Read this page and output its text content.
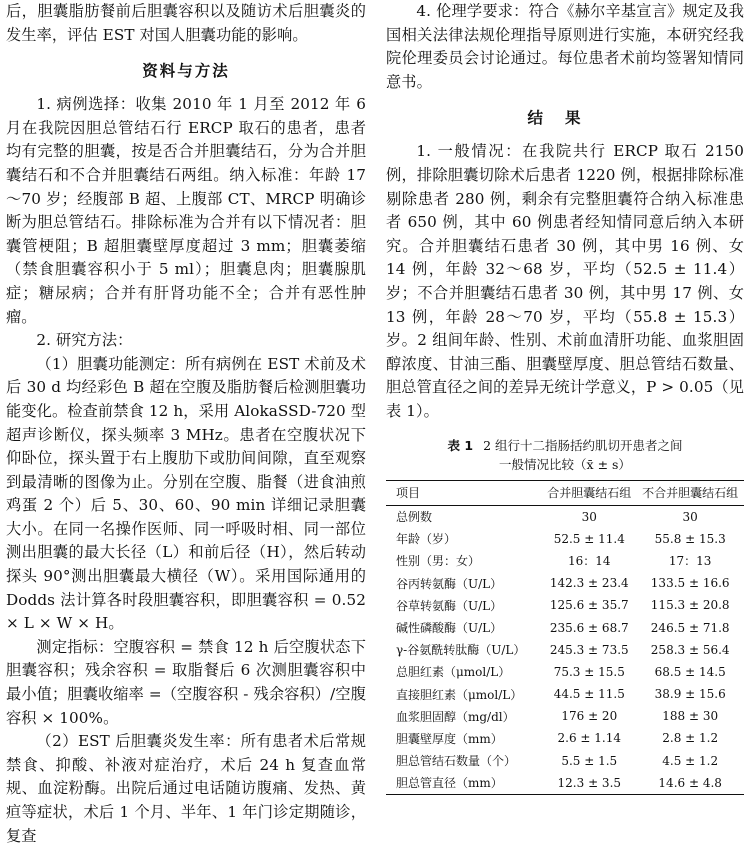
后，胆囊脂肪餐前后胆囊容积以及随访术后胆囊炎的发生率，评估 EST 对国人胆囊功能的影响。

资料与方法

1. 病例选择：收集 2010 年 1 月至 2012 年 6 月在我院因胆总管结石行 ERCP 取石的患者，患者均有完整的胆囊，按是否合并胆囊结石，分为合并胆囊结石和不合并胆囊结石两组。纳入标准：年龄 17～70 岁；经腹部 B 超、上腹部 CT、MRCP 明确诊断为胆总管结石。排除标准为合并有以下情况者：胆囊管梗阻；B 超胆囊壁厚度超过 3 mm；胆囊萎缩（禁食胆囊容积小于 5 ml）；胆囊息肉；胆囊腺肌症；糖尿病；合并有肝肾功能不全；合并有恶性肿瘤。

2. 研究方法：

（1）胆囊功能测定：所有病例在 EST 术前及术后 30 d 均经彩色 B 超在空腹及脂肪餐后检测胆囊功能变化。检查前禁食 12 h，采用 AlokaSSD-720 型超声诊断仪，探头频率 3 MHz。患者在空腹状况下仰卧位，探头置于右上腹肋下或肋间间隙，直至观察到最清晰的图像为止。分别在空腹、脂餐（进食油煎鸡蛋 2 个）后 5、30、60、90 min 详细记录胆囊大小。在同一名操作医师、同一呼吸时相、同一部位测出胆囊的最大长径（L）和前后径（H），然后转动探头 90°测出胆囊最大横径（W）。采用国际通用的 Dodds 法计算各时段胆囊容积，即胆囊容积 = 0.52 × L × W × H。

测定指标：空腹容积 = 禁食 12 h 后空腹状态下胆囊容积；残余容积 = 取脂餐后 6 次测胆囊容积中最小值；胆囊收缩率 =（空腹容积 - 残余容积）/空腹容积 × 100%。

（2）EST 后胆囊炎发生率：所有患者术后常规禁食、抑酸、补液对症治疗，术后 24 h 复查血常规、血淀粉酶。出院后通过电话随访腹痛、发热、黄疸等症状，术后 1 个月、半年、1 年门诊定期随诊，复查

4. 伦理学要求：符合《赫尔辛基宣言》规定及我国相关法律法规伦理指导原则进行实施，本研究经我院伦理委员会讨论通过。每位患者术前均签署知情同意书。

结果

1. 一般情况：在我院共行 ERCP 取石 2150 例，排除胆囊切除术后患者 1220 例，根据排除标准剔除患者 280 例，剩余有完整胆囊符合纳入标准患者 650 例，其中 60 例患者经知情同意后纳入本研究。合并胆囊结石患者 30 例，其中男 16 例、女 14 例，年龄 32～68 岁，平均（52.5 ± 11.4）岁；不合并胆囊结石患者 30 例，其中男 17 例、女 13 例，年龄 28～70 岁，平均（55.8 ± 15.3）岁。2 组间年龄、性别、术前血清肝功能、血浆胆固醇浓度、甘油三酯、胆囊壁厚度、胆总管结石数量、胆总管直径之间的差异无统计学意义，P > 0.05（见表 1）。

表 1 2 组行十二指肠括约肌切开患者之间
一般情况比较（x̄ ± s）
项目	合并胆囊结石组	不合并胆囊结石组
总例数	30	30
年龄（岁）	52.5 ± 11.4	55.8 ± 15.3
性别（男：女）	16：14	17：13
谷丙转氨酶（U/L）	142.3 ± 23.4	133.5 ± 16.6
谷草转氨酶（U/L）	125.6 ± 35.7	115.3 ± 20.8
碱性磷酸酶（U/L）	235.6 ± 68.7	246.5 ± 71.8
γ-谷氨酰转肽酶（U/L）	245.3 ± 73.5	258.3 ± 56.4
总胆红素（μmol/L）	75.3 ± 15.5	68.5 ± 14.5
直接胆红素（μmol/L）	44.5 ± 11.5	38.9 ± 15.6
血浆胆固醇（mg/dl）	176 ± 20	188 ± 30
胆囊壁厚度（mm）	2.6 ± 1.14	2.8 ± 1.2
胆总管结石数量（个）	5.5 ± 1.5	4.5 ± 1.2
胆总管直径（mm）	12.3 ± 3.5	14.6 ± 4.8
